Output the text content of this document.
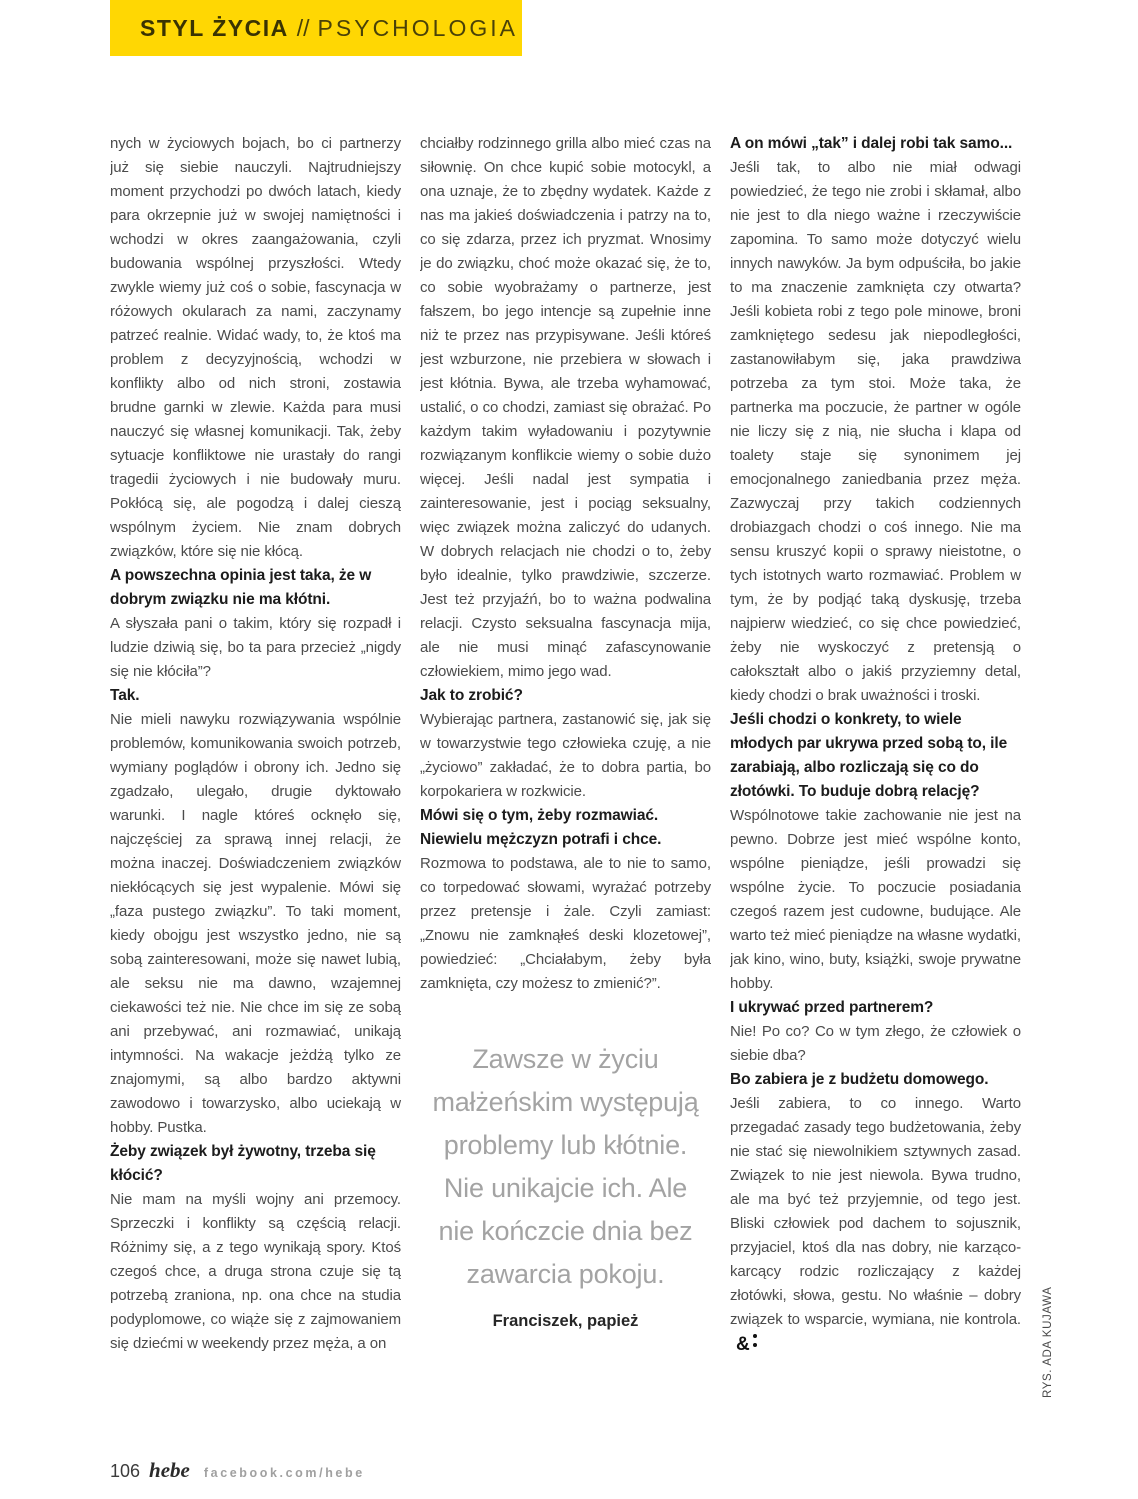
STYL ŻYCIA // PSYCHOLOGIA

nych w życiowych bojach, bo ci partnerzy już się siebie nauczyli. Najtrudniejszy moment przychodzi po dwóch latach, kiedy para okrzepnie już w swojej namiętności i wchodzi w okres zaangażowania, czyli budowania wspólnej przyszłości. Wtedy zwykle wiemy już coś o sobie, fascynacja w różowych okularach za nami, zaczynamy patrzeć realnie. Widać wady, to, że ktoś ma problem z decyzyjnością, wchodzi w konflikty albo od nich stroni, zostawia brudne garnki w zlewie. Każda para musi nauczyć się własnej komunikacji. Tak, żeby sytuacje konfliktowe nie urastały do rangi tragedii życiowych i nie budowały muru. Pokłócą się, ale pogodzą i dalej cieszą wspólnym życiem. Nie znam dobrych związków, które się nie kłócą.

A powszechna opinia jest taka, że w dobrym związku nie ma kłótni.

A słyszała pani o takim, który się rozpadł i ludzie dziwią się, bo ta para przecież „nigdy się nie kłóciła”?

Tak.

Nie mieli nawyku rozwiązywania wspólnie problemów, komunikowania swoich potrzeb, wymiany poglądów i obrony ich. Jedno się zgadzało, ulegało, drugie dyktowało warunki. I nagle któreś ocknęło się, najczęściej za sprawą innej relacji, że można inaczej. Doświadczeniem związków niekłócących się jest wypalenie. Mówi się „faza pustego związku”. To taki moment, kiedy obojgu jest wszystko jedno, nie są sobą zainteresowani, może się nawet lubią, ale seksu nie ma dawno, wzajemnej ciekawości też nie. Nie chce im się ze sobą ani przebywać, ani rozmawiać, unikają intymności. Na wakacje jeżdżą tylko ze znajomymi, są albo bardzo aktywni zawodowo i towarzysko, albo uciekają w hobby. Pustka.

Żeby związek był żywotny, trzeba się kłócić?

Nie mam na myśli wojny ani przemocy. Sprzeczki i konflikty są częścią relacji. Różnimy się, a z tego wynikają spory. Ktoś czegoś chce, a druga strona czuje się tą potrzebą zraniona, np. ona chce na studia podyplomowe, co wiąże się z zajmowaniem się dziećmi w weekendy przez męża, a on

chciałby rodzinnego grilla albo mieć czas na siłownię. On chce kupić sobie motocykl, a ona uznaje, że to zbędny wydatek. Każde z nas ma jakieś doświadczenia i patrzy na to, co się zdarza, przez ich pryzmat. Wnosimy je do związku, choć może okazać się, że to, co sobie wyobrażamy o partnerze, jest fałszem, bo jego intencje są zupełnie inne niż te przez nas przypisywane. Jeśli któreś jest wzburzone, nie przebiera w słowach i jest kłótnia. Bywa, ale trzeba wyhamować, ustalić, o co chodzi, zamiast się obrażać. Po każdym takim wyładowaniu i pozytywnie rozwiązanym konflikcie wiemy o sobie dużo więcej. Jeśli nadal jest sympatia i zainteresowanie, jest i pociąg seksualny, więc związek można zaliczyć do udanych. W dobrych relacjach nie chodzi o to, żeby było idealnie, tylko prawdziwie, szczerze. Jest też przyjaźń, bo to ważna podwalina relacji. Czysto seksualna fascynacja mija, ale nie musi minąć zafascynowanie człowiekiem, mimo jego wad.

Jak to zrobić?

Wybierając partnera, zastanowić się, jak się w towarzystwie tego człowieka czuję, a nie „życiowo” zakładać, że to dobra partia, bo korpokariera w rozkwicie.

Mówi się o tym, żeby rozmawiać. Niewielu mężczyzn potrafi i chce.

Rozmowa to podstawa, ale to nie to samo, co torpedować słowami, wyrażać potrzeby przez pretensje i żale. Czyli zamiast: „Znowu nie zamknąłeś deski klozetowej”, powiedzieć: „Chciałabym, żeby była zamknięta, czy możesz to zmienić?”.

Zawsze w życiu małżeńskim występują problemy lub kłótnie. Nie unikajcie ich. Ale nie kończcie dnia bez zawarcia pokoju.
Franciszek, papież

A on mówi „tak” i dalej robi tak samo...

Jeśli tak, to albo nie miał odwagi powiedzieć, że tego nie zrobi i skłamał, albo nie jest to dla niego ważne i rzeczywiście zapomina. To samo może dotyczyć wielu innych nawyków. Ja bym odpuściła, bo jakie to ma znaczenie zamknięta czy otwarta? Jeśli kobieta robi z tego pole minowe, broni zamkniętego sedesu jak niepodległości, zastanowiłabym się, jaka prawdziwa potrzeba za tym stoi. Może taka, że partnerka ma poczucie, że partner w ogóle nie liczy się z nią, nie słucha i klapa od toalety staje się synonimem jej emocjonalnego zaniedbania przez męża. Zazwyczaj przy takich codziennych drobiazgach chodzi o coś innego. Nie ma sensu kruszyć kopii o sprawy nieistotne, o tych istotnych warto rozmawiać. Problem w tym, że by podjąć taką dyskusję, trzeba najpierw wiedzieć, co się chce powiedzieć, żeby nie wyskoczyć z pretensją o całokształt albo o jakiś przyziemny detal, kiedy chodzi o brak uważności i troski.

Jeśli chodzi o konkrety, to wiele młodych par ukrywa przed sobą to, ile zarabiają, albo rozliczają się co do złotówki. To buduje dobrą relację?

Wspólnotowe takie zachowanie nie jest na pewno. Dobrze jest mieć wspólne konto, wspólne pieniądze, jeśli prowadzi się wspólne życie. To poczucie posiadania czegoś razem jest cudowne, budujące. Ale warto też mieć pieniądze na własne wydatki, jak kino, wino, buty, książki, swoje prywatne hobby.

I ukrywać przed partnerem?

Nie! Po co? Co w tym złego, że człowiek o siebie dba?

Bo zabiera je z budżetu domowego.

Jeśli zabiera, to co innego. Warto przegadać zasady tego budżetowania, żeby nie stać się niewolnikiem sztywnych zasad. Związek to nie jest niewola. Bywa trudno, ale ma być też przyjemnie, od tego jest. Bliski człowiek pod dachem to sojusznik, przyjaciel, ktoś dla nas dobry, nie karząco-karcący rodzic rozliczający z każdej złotówki, słowa, gestu. No właśnie – dobry związek to wsparcie, wymiana, nie kontrola.&	RYS. ADA KUJAWA
106 hebe facebook.com/hebe
